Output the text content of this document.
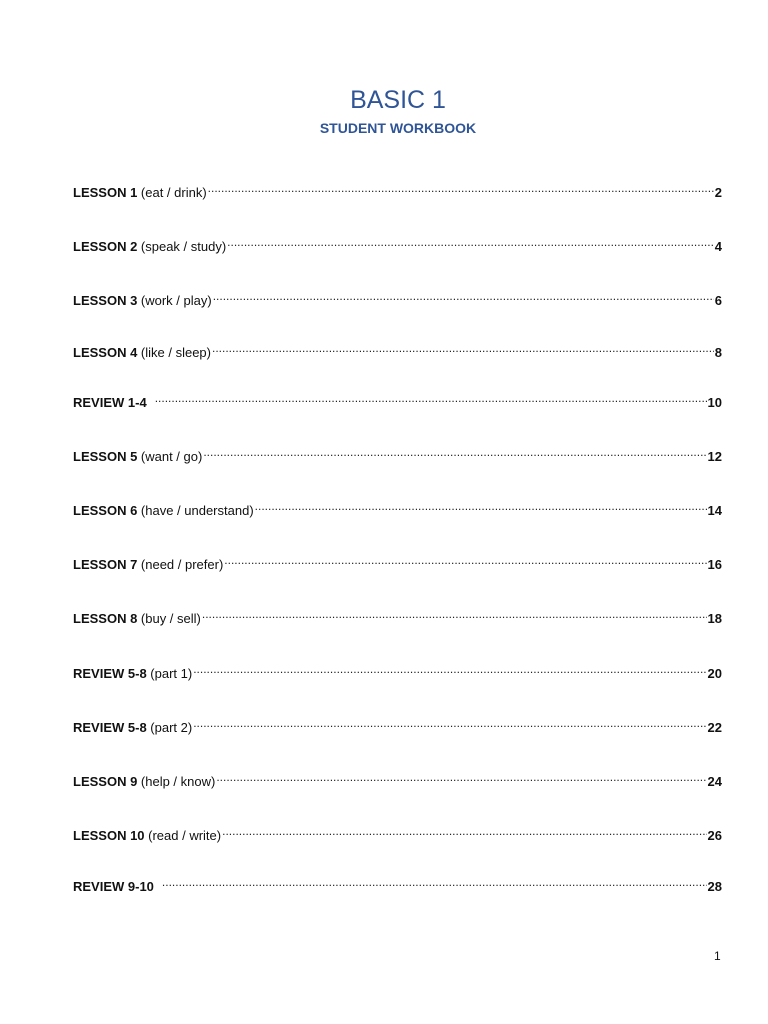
BASIC 1
STUDENT WORKBOOK
LESSON 1 (eat / drink) .....	2
LESSON 2 (speak / study) .....	4
LESSON 3 (work / play) .....	6
LESSON 4 (like / sleep) .....	8
REVIEW 1-4 .....	10
LESSON 5 (want / go) .....	12
LESSON 6 (have / understand) .....	14
LESSON 7 (need / prefer) .....	16
LESSON 8 (buy / sell) .....	18
REVIEW 5-8 (part 1) .....	20
REVIEW 5-8 (part 2) .....	22
LESSON 9 (help / know) .....	24
LESSON 10 (read / write) .....	26
REVIEW 9-10 .....	28
1
